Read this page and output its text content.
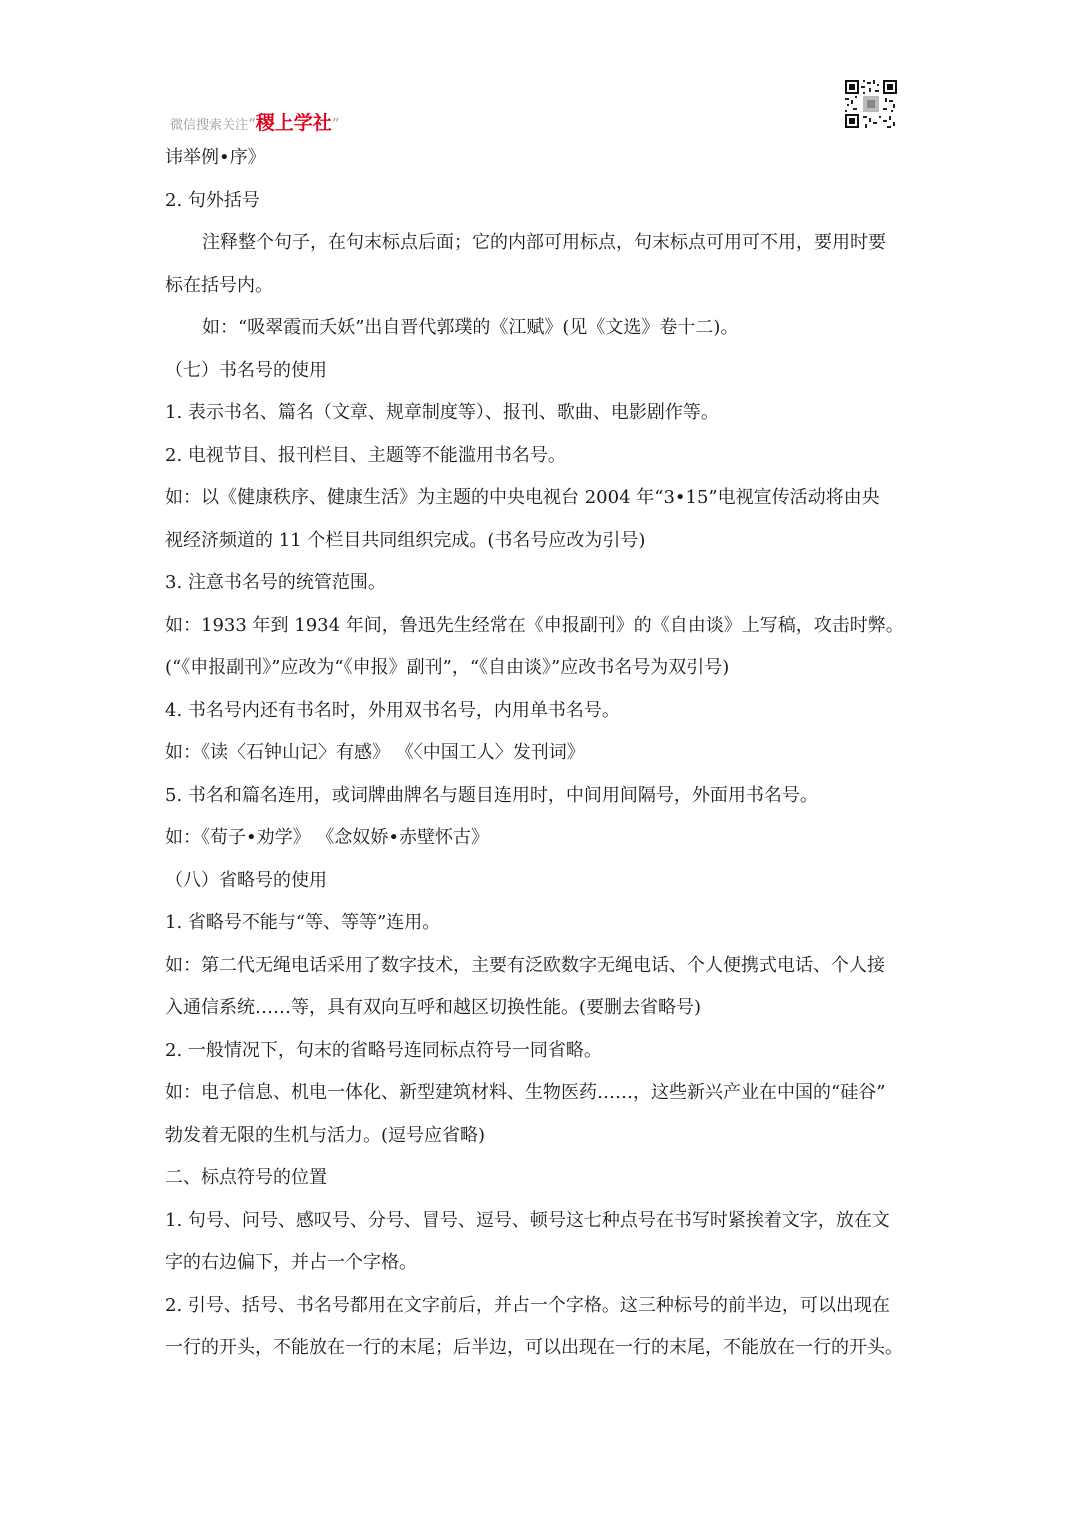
微信搜索关注 “ 稷上学社 ”
讳举例•序》
2. 句外括号
注释整个句子，在句末标点后面；它的内部可用标点，句末标点可用可不用，要用时要
标在括号内。
如：“吸翠霞而夭妖”出自晋代郭璞的《江赋》(见《文选》卷十二)。
（七）书名号的使用
1. 表示书名、篇名（文章、规章制度等）、报刊、歌曲、电影剧作等。
2. 电视节目、报刊栏目、主题等不能滥用书名号。
如：以《健康秩序、健康生活》为主题的中央电视台 2004 年“3•15”电视宣传活动将由央
视经济频道的 11 个栏目共同组织完成。(书名号应改为引号)
3. 注意书名号的统管范围。
如：1933 年到 1934 年间，鲁迅先生经常在《申报副刊》的《自由谈》上写稿，攻击时弊。
(“《申报副刊》”应改为“《申报》副刊”，“《自由谈》”应改书名号为双引号)
4. 书名号内还有书名时，外用双书名号，内用单书名号。
如：《读〈石钟山记〉有感》 《〈中国工人〉发刊词》
5. 书名和篇名连用，或词牌曲牌名与题目连用时，中间用间隔号，外面用书名号。
如：《荀子•劝学》 《念奴娇•赤壁怀古》
（八）省略号的使用
1. 省略号不能与“等、等等”连用。
如：第二代无绳电话采用了数字技术，主要有泛欧数字无绳电话、个人便携式电话、个人接
入通信系统……等，具有双向互呼和越区切换性能。(要删去省略号)
2. 一般情况下，句末的省略号连同标点符号一同省略。
如：电子信息、机电一体化、新型建筑材料、生物医药……，这些新兴产业在中国的“硅谷”
勃发着无限的生机与活力。(逗号应省略)
二、标点符号的位置
1. 句号、问号、感叹号、分号、冒号、逗号、顿号这七种点号在书写时紧挨着文字，放在文
字的右边偏下，并占一个字格。
2. 引号、括号、书名号都用在文字前后，并占一个字格。这三种标号的前半边，可以出现在
一行的开头，不能放在一行的末尾；后半边，可以出现在一行的末尾，不能放在一行的开头。
